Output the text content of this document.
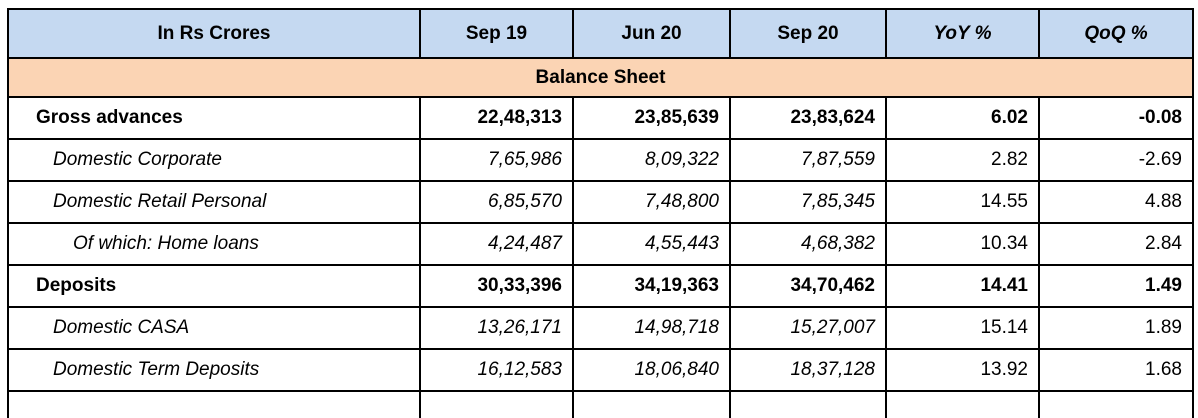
In Rs Crores	Sep 19	Jun 20	Sep 20	YoY %	QoQ %
Balance Sheet					
Gross advances	22,48,313	23,85,639	23,83,624	6.02	-0.08
Domestic Corporate	7,65,986	8,09,322	7,87,559	2.82	-2.69
Domestic Retail Personal	6,85,570	7,48,800	7,85,345	14.55	4.88
Of which: Home loans	4,24,487	4,55,443	4,68,382	10.34	2.84
Deposits	30,33,396	34,19,363	34,70,462	14.41	1.49
Domestic CASA	13,26,171	14,98,718	15,27,007	15.14	1.89
Domestic Term Deposits	16,12,583	18,06,840	18,37,128	13.92	1.68
